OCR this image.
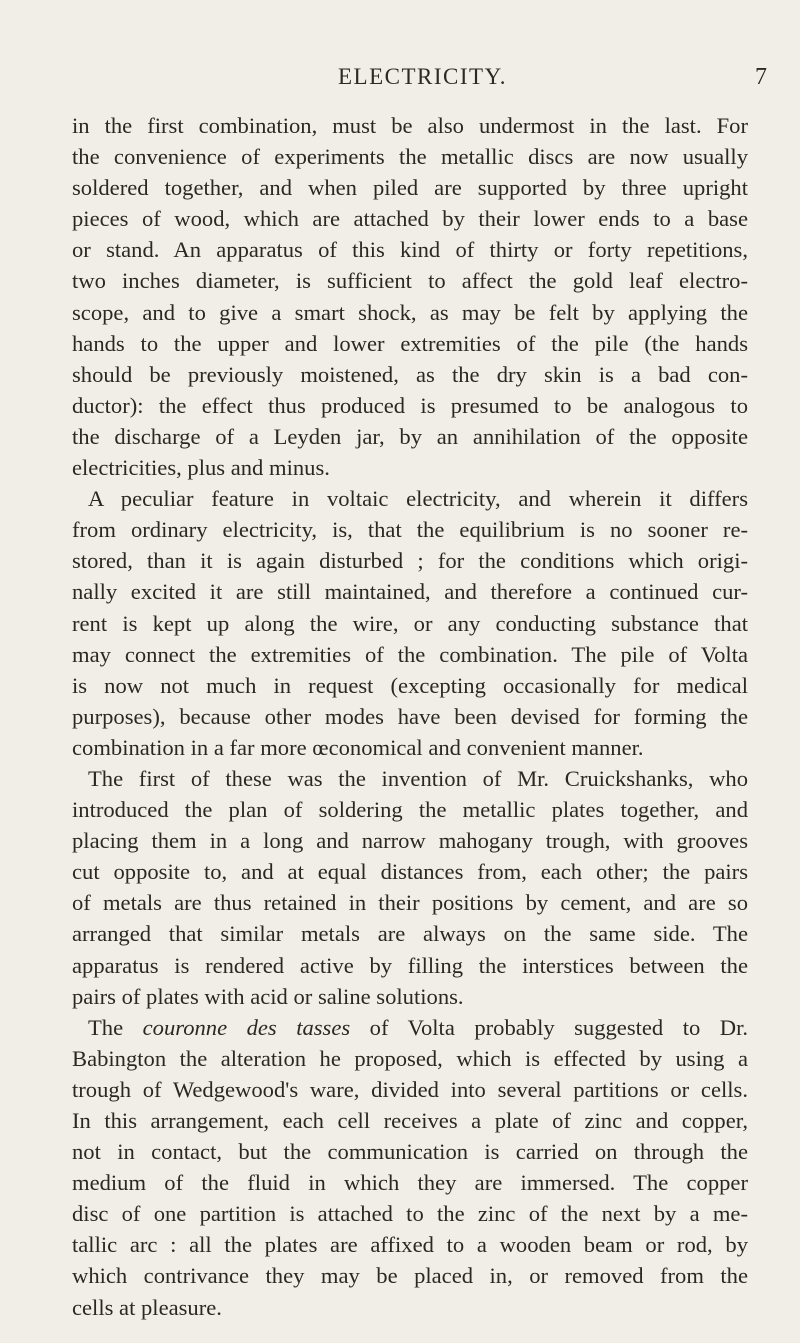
ELECTRICITY.	7
in the first combination, must be also undermost in the last. For
the convenience of experiments the metallic discs are now usually
soldered together, and when piled are supported by three upright
pieces of wood, which are attached by their lower ends to a base
or stand. An apparatus of this kind of thirty or forty repetitions,
two inches diameter, is sufficient to affect the gold leaf electro-
scope, and to give a smart shock, as may be felt by applying the
hands to the upper and lower extremities of the pile (the hands
should be previously moistened, as the dry skin is a bad con-
ductor): the effect thus produced is presumed to be analogous to
the discharge of a Leyden jar, by an annihilation of the opposite
electricities, plus and minus.
A peculiar feature in voltaic electricity, and wherein it differs
from ordinary electricity, is, that the equilibrium is no sooner re-
stored, than it is again disturbed ; for the conditions which origi-
nally excited it are still maintained, and therefore a continued cur-
rent is kept up along the wire, or any conducting substance that
may connect the extremities of the combination. The pile of Volta
is now not much in request (excepting occasionally for medical
purposes), because other modes have been devised for forming the
combination in a far more œconomical and convenient manner.
The first of these was the invention of Mr. Cruickshanks, who
introduced the plan of soldering the metallic plates together, and
placing them in a long and narrow mahogany trough, with grooves
cut opposite to, and at equal distances from, each other; the pairs
of metals are thus retained in their positions by cement, and are so
arranged that similar metals are always on the same side. The
apparatus is rendered active by filling the interstices between the
pairs of plates with acid or saline solutions.
The couronne des tasses of Volta probably suggested to Dr.
Babington the alteration he proposed, which is effected by using a
trough of Wedgewood's ware, divided into several partitions or cells.
In this arrangement, each cell receives a plate of zinc and copper,
not in contact, but the communication is carried on through the
medium of the fluid in which they are immersed. The copper
disc of one partition is attached to the zinc of the next by a me-
tallic arc : all the plates are affixed to a wooden beam or rod, by
which contrivance they may be placed in, or removed from the
cells at pleasure.
